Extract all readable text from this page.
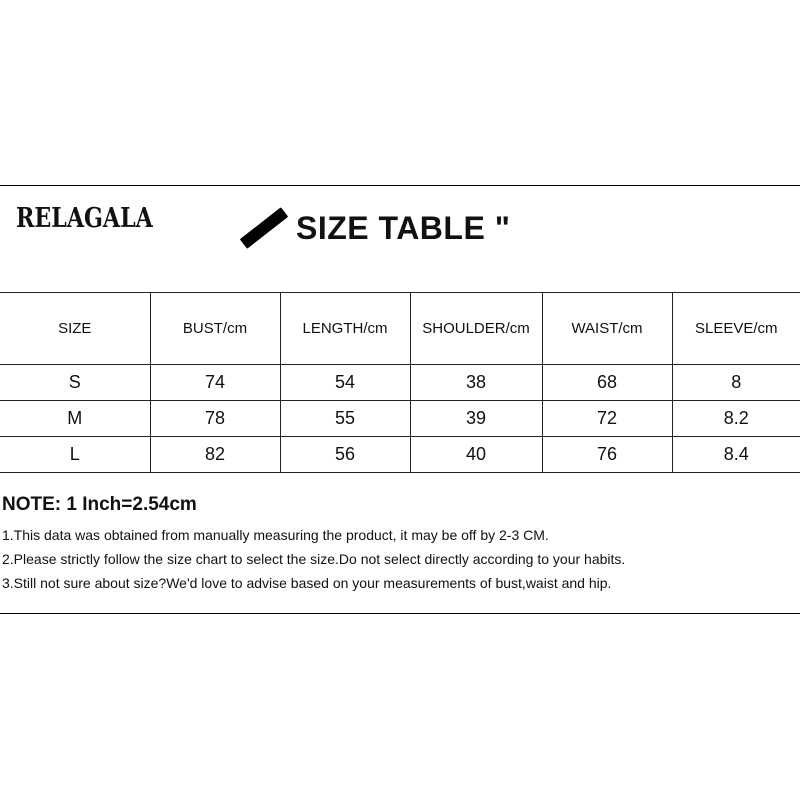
RELAGALA	SIZE TABLE "
SIZE	BUST/cm	LENGTH/cm	SHOULDER/cm	WAIST/cm	SLEEVE/cm
S	74	54	38	68	8
M	78	55	39	72	8.2
L	82	56	40	76	8.4
NOTE: 1 Inch=2.54cm
1.This data was obtained from manually measuring the product, it may be off by 2-3 CM.
2.Please strictly follow the size chart to select the size.Do not select directly according to your habits.
3.Still not sure about size?We'd love to advise based on your measurements of bust,waist and hip.
